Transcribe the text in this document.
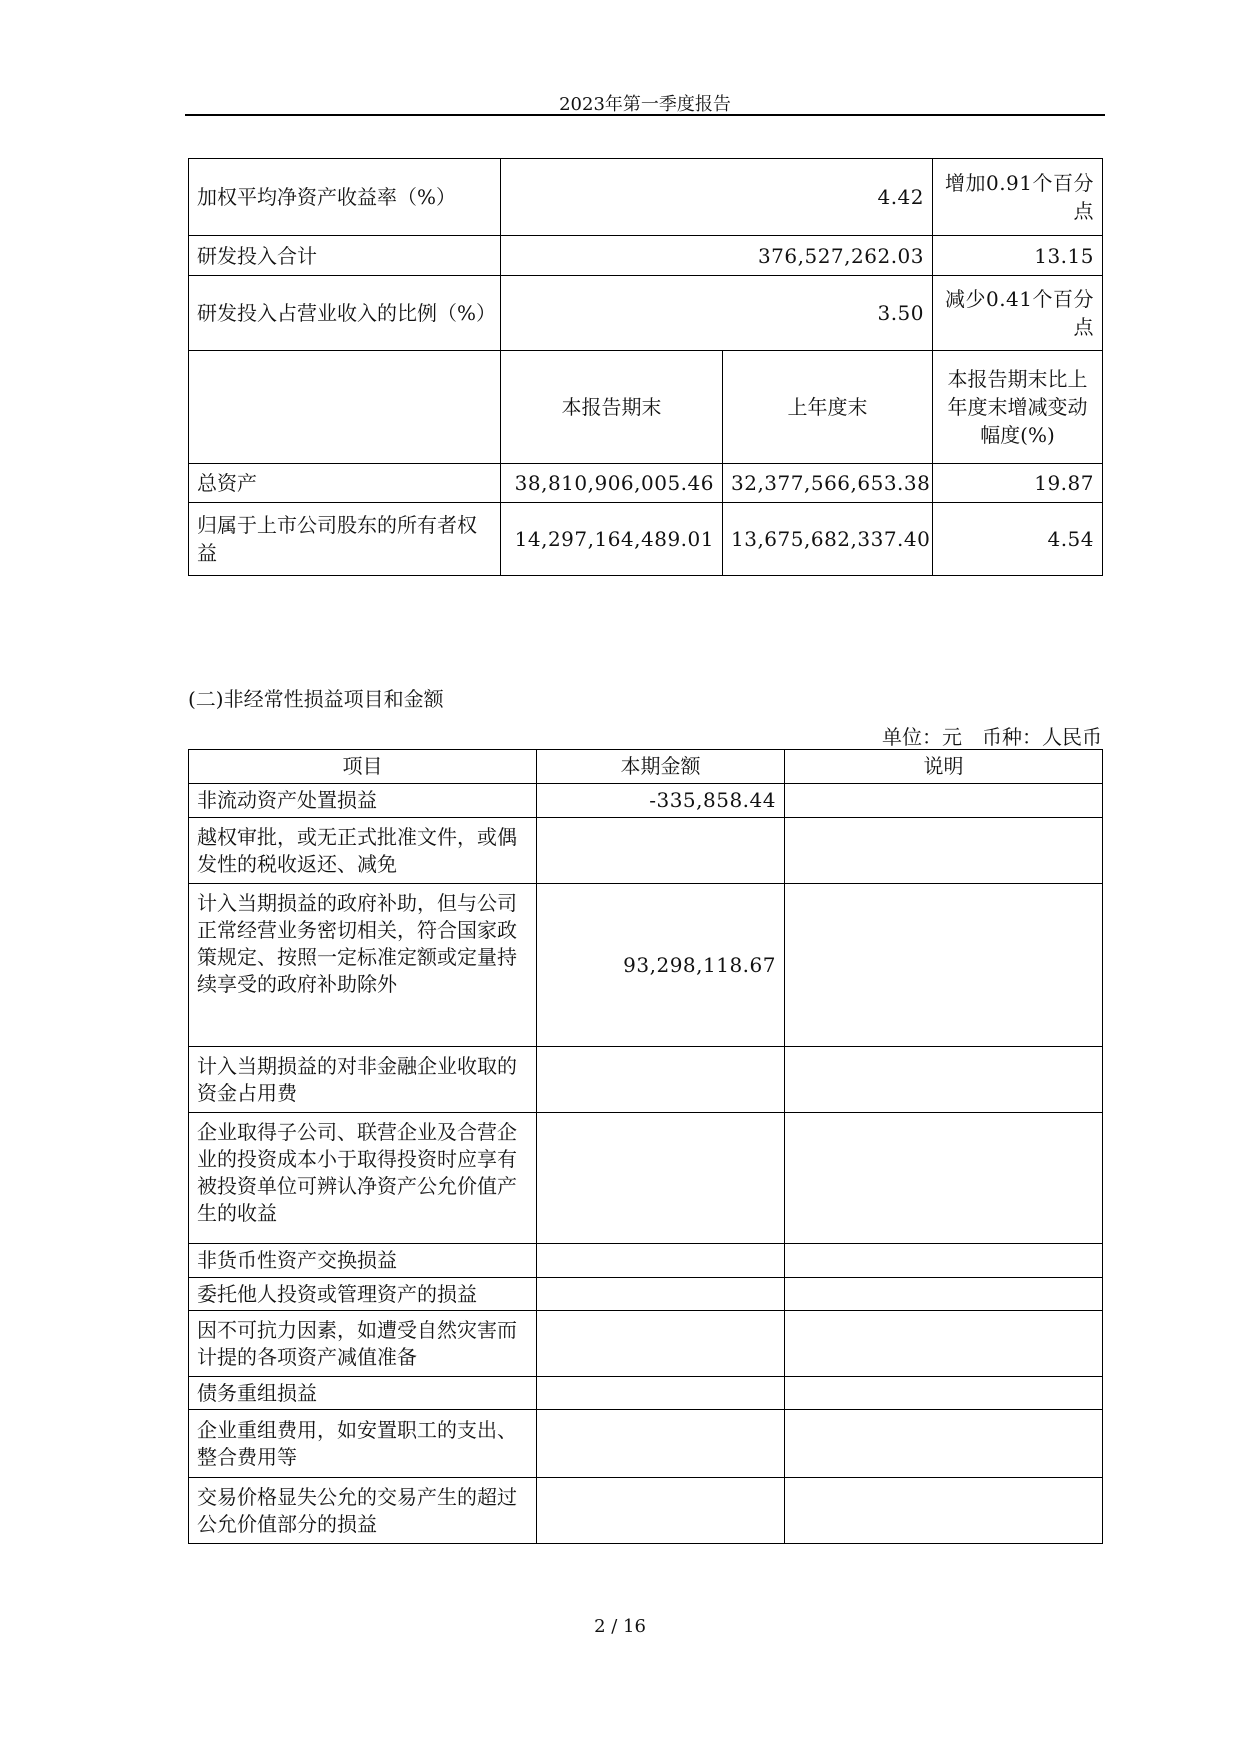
2023年第一季度报告
加权平均净资产收益率（%）	4.42		增加0.91个百分点
研发投入合计	376,527,262.03		13.15
研发投入占营业收入的比例（%）	3.50		减少0.41个百分点
	本报告期末	上年度末	本报告期末比上年度末增减变动幅度(%)
总资产	38,810,906,005.46	32,377,566,653.38	19.87
归属于上市公司股东的所有者权益	14,297,164,489.01	13,675,682,337.40	4.54
(二)非经常性损益项目和金额
单位：元　币种：人民币
项目	本期金额	说明
非流动资产处置损益	-335,858.44	
越权审批，或无正式批准文件，或偶发性的税收返还、减免		
计入当期损益的政府补助，但与公司正常经营业务密切相关，符合国家政策规定、按照一定标准定额或定量持续享受的政府补助除外	93,298,118.67	
计入当期损益的对非金融企业收取的资金占用费		
企业取得子公司、联营企业及合营企业的投资成本小于取得投资时应享有被投资单位可辨认净资产公允价值产生的收益		
非货币性资产交换损益		
委托他人投资或管理资产的损益		
因不可抗力因素，如遭受自然灾害而计提的各项资产减值准备		
债务重组损益		
企业重组费用，如安置职工的支出、整合费用等		
交易价格显失公允的交易产生的超过公允价值部分的损益		
2 / 16
